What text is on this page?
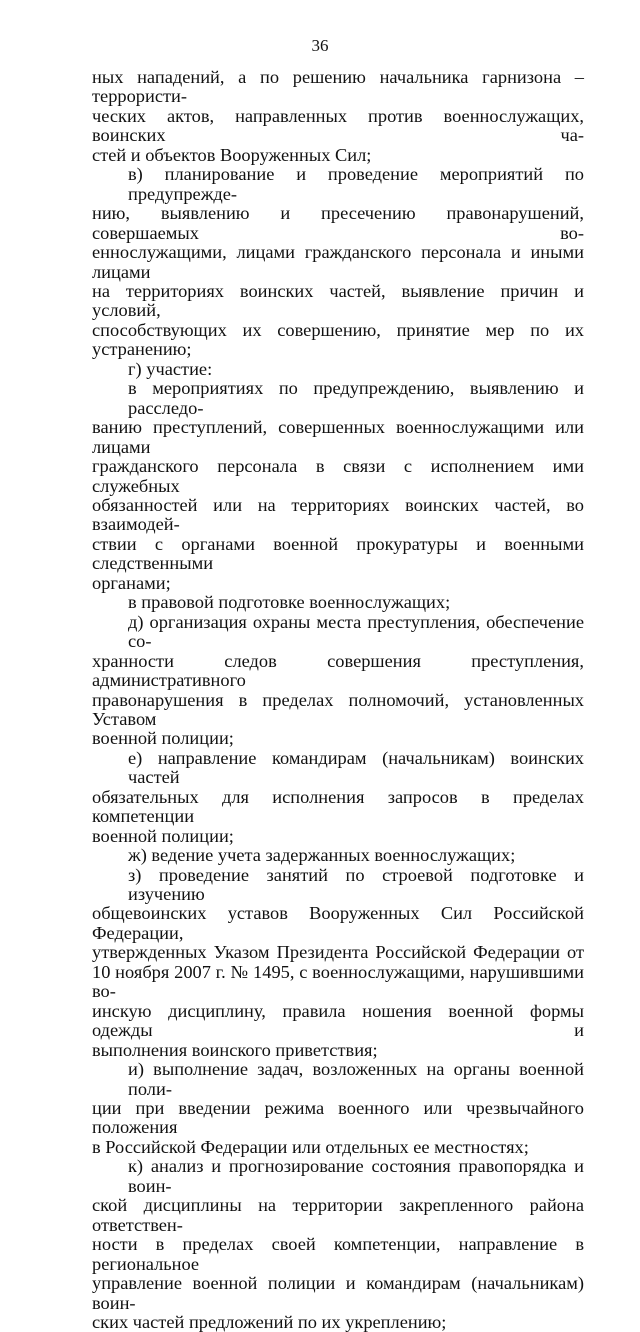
36
ных нападений, а по решению начальника гарнизона – террористи-
ческих актов, направленных против военнослужащих, воинских ча-
стей и объектов Вооруженных Сил;
в) планирование и проведение мероприятий по предупрежде-
нию, выявлению и пресечению правонарушений, совершаемых во-
еннослужащими, лицами гражданского персонала и иными лицами
на территориях воинских частей, выявление причин и условий,
способствующих их совершению, принятие мер по их устранению;
г) участие:
в мероприятиях по предупреждению, выявлению и расследо-
ванию преступлений, совершенных военнослужащими или лицами
гражданского персонала в связи с исполнением ими служебных
обязанностей или на территориях воинских частей, во взаимодей-
ствии с органами военной прокуратуры и военными следственными
органами;
в правовой подготовке военнослужащих;
д) организация охраны места преступления, обеспечение со-
хранности следов совершения преступления, административного
правонарушения в пределах полномочий, установленных Уставом
военной полиции;
е) направление командирам (начальникам) воинских частей
обязательных для исполнения запросов в пределах компетенции
военной полиции;
ж) ведение учета задержанных военнослужащих;
з) проведение занятий по строевой подготовке и изучению
общевоинских уставов Вооруженных Сил Российской Федерации,
утвержденных Указом Президента Российской Федерации от
10 ноября 2007 г. № 1495, с военнослужащими, нарушившими во-
инскую дисциплину, правила ношения военной формы одежды и
выполнения воинского приветствия;
и) выполнение задач, возложенных на органы военной поли-
ции при введении режима военного или чрезвычайного положения
в Российской Федерации или отдельных ее местностях;
к) анализ и прогнозирование состояния правопорядка и воин-
ской дисциплины на территории закрепленного района ответствен-
ности в пределах своей компетенции, направление в региональное
управление военной полиции и командирам (начальникам) воин-
ских частей предложений по их укреплению;
